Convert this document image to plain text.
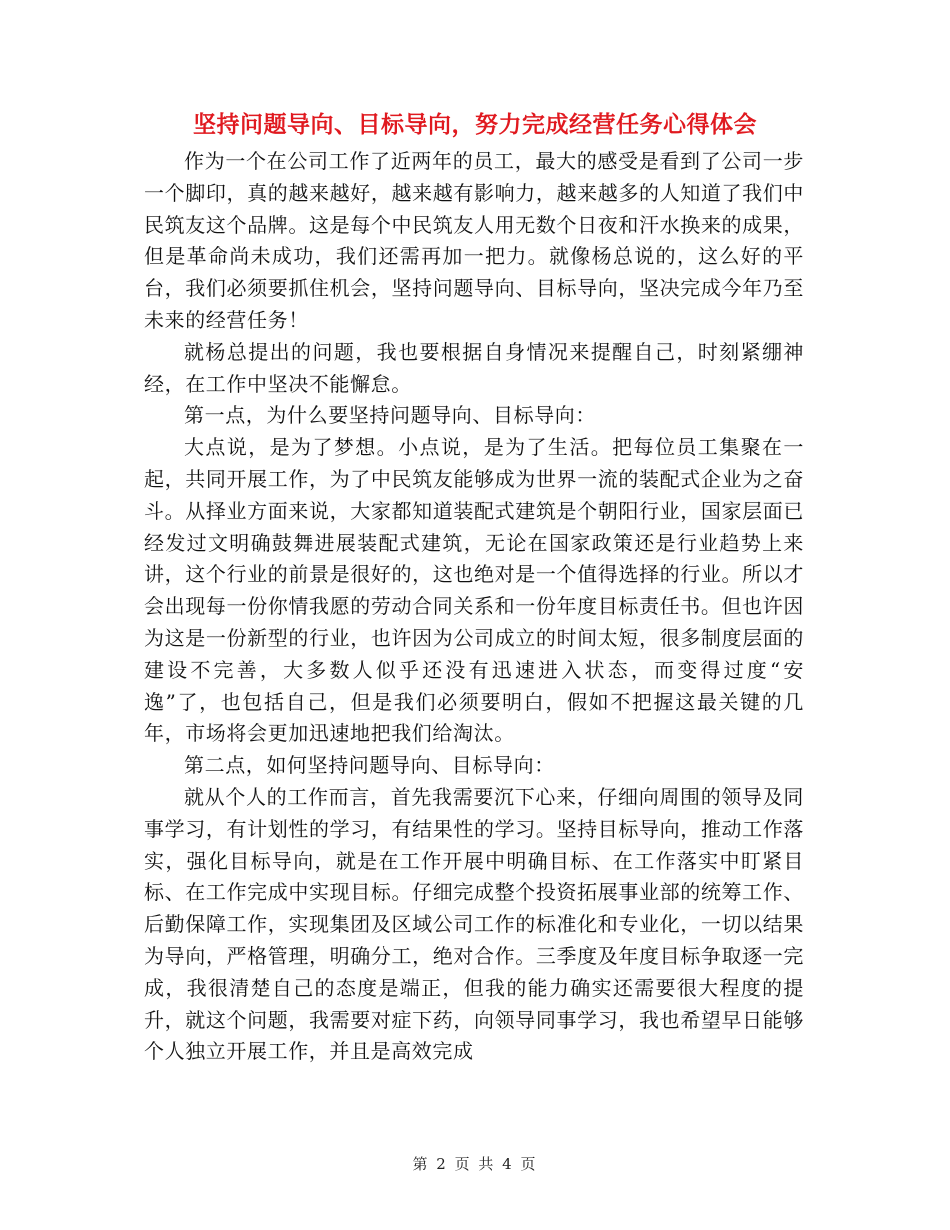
坚持问题导向、目标导向，努力完成经营任务心得体会

作为一个在公司工作了近两年的员工，最大的感受是看到了公司一步一个脚印，真的越来越好，越来越有影响力，越来越多的人知道了我们中民筑友这个品牌。这是每个中民筑友人用无数个日夜和汗水换来的成果，但是革命尚未成功，我们还需再加一把力。就像杨总说的，这么好的平台，我们必须要抓住机会，坚持问题导向、目标导向，坚决完成今年乃至未来的经营任务！

就杨总提出的问题，我也要根据自身情况来提醒自己，时刻紧绷神经，在工作中坚决不能懈怠。

第一点，为什么要坚持问题导向、目标导向：

大点说，是为了梦想。小点说，是为了生活。把每位员工集聚在一起，共同开展工作，为了中民筑友能够成为世界一流的装配式企业为之奋斗。从择业方面来说，大家都知道装配式建筑是个朝阳行业，国家层面已经发过文明确鼓舞进展装配式建筑，无论在国家政策还是行业趋势上来讲，这个行业的前景是很好的，这也绝对是一个值得选择的行业。所以才会出现每一份你情我愿的劳动合同关系和一份年度目标责任书。但也许因为这是一份新型的行业，也许因为公司成立的时间太短，很多制度层面的建设不完善，大多数人似乎还没有迅速进入状态，而变得过度“安逸”了，也包括自己，但是我们必须要明白，假如不把握这最关键的几年，市场将会更加迅速地把我们给淘汰。

第二点，如何坚持问题导向、目标导向：

就从个人的工作而言，首先我需要沉下心来，仔细向周围的领导及同事学习，有计划性的学习，有结果性的学习。坚持目标导向，推动工作落实，强化目标导向，就是在工作开展中明确目标、在工作落实中盯紧目标、在工作完成中实现目标。仔细完成整个投资拓展事业部的统筹工作、后勤保障工作，实现集团及区域公司工作的标准化和专业化，一切以结果为导向，严格管理，明确分工，绝对合作。三季度及年度目标争取逐一完成，我很清楚自己的态度是端正，但我的能力确实还需要很大程度的提升，就这个问题，我需要对症下药，向领导同事学习，我也希望早日能够个人独立开展工作，并且是高效完成

第 2 页 共 4 页
